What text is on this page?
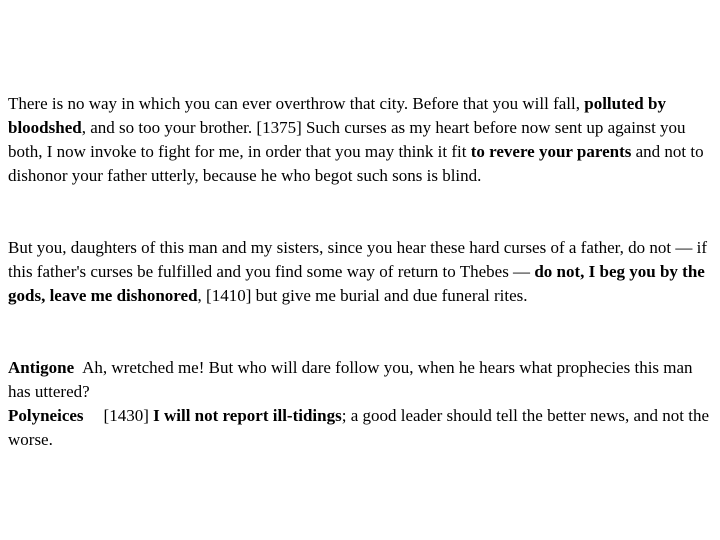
There is no way in which you can ever overthrow that city. Before that you will fall, polluted by bloodshed, and so too your brother. [1375] Such curses as my heart before now sent up against you both, I now invoke to fight for me, in order that you may think it fit to revere your parents and not to dishonor your father utterly, because he who begot such sons is blind.

But you, daughters of this man and my sisters, since you hear these hard curses of a father, do not — if this father's curses be fulfilled and you find some way of return to Thebes — do not, I beg you by the gods, leave me dishonored, [1410] but give me burial and due funeral rites.

Antigone Ah, wretched me! But who will dare follow you, when he hears what prophecies this man has uttered?
Polyneices [1430] I will not report ill-tidings; a good leader should tell the better news, and not the worse.
